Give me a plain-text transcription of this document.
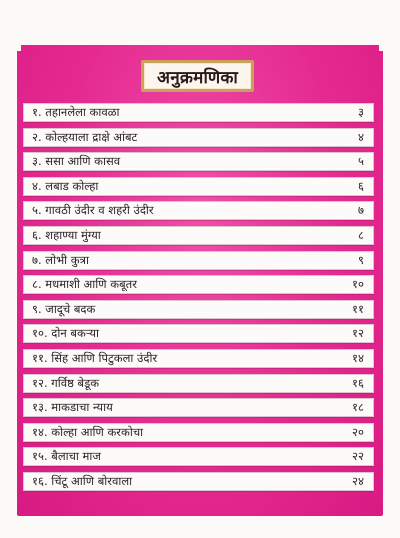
अनुक्रमणिका
१. तहानलेला कावळा	३
२. कोल्हयाला द्राक्षे आंबट	४
३. ससा आणि कासव	५
४. लबाड कोल्हा	६
५. गावठी उंदीर व शहरी उंदीर	७
६. शहाण्या मुंग्या	८
७. लोभी कुत्रा	९
८. मधमाशी आणि कबूतर	१०
९. जादूचे बदक	११
१०. दोन बकऱ्या	१२
११. सिंह आणि पिटुकला उंदीर	१४
१२. गर्विष्ठ बेडूक	१६
१३. माकडाचा न्याय	१८
१४. कोल्हा आणि करकोचा	२०
१५. बैलाचा माज	२२
१६. चिंटू आणि बोरवाला	२४
